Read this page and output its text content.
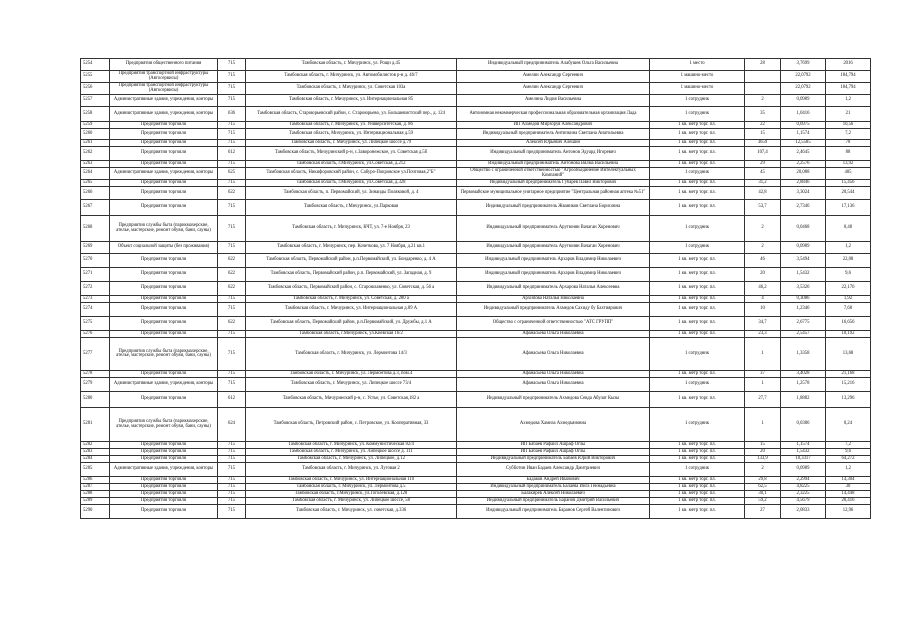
5254	Предприятия общественного питания	715	Тамбовская область, г. Мичуринск, ул. Рощи д.45	Индивидуальный предприниматель Алабушев Ольга Васильевна	1 место	28	3,7699	2016
5255	Предприятия транспортной инфраструктуры (Автосервисы)	715	Тамбовская область, г. Мичуринск, ул. Автомобилистов р-н д. 46/7	Амелин Александр Сергеевич	1 машино-место		22,0792	184,794
5256	Предприятия транспортной инфраструктуры (Автосервисы)	715	Тамбовская область, г. Мичуринск, ул. Советская 103а	Амелин Александр Сергеевич	1 машино-место		22,0792	184,794
5257	Административные здания, учреждения, конторы	715	Тамбовская область, г. Мичуринск, ул. Интернациональная 85	Амелина Лидия Васильевна	1 сотрудник	2	0,0989	1,2
5258	Административные здания, учреждения, конторы	636	Тамбовская область, Староюрьевский район, с. Староюрьево, ул. Большевистский пер., д. 124	Автономная некоммерческая профессиональная образовательная организация Лада	1 сотрудник	35	1,0416	21
5259	Предприятия торговли	715	Тамбовская область, г. Мичуринск, ул. Университетская, д. 86	ИП Ахмедов Мирзоруя Александрович	1 кв. метр торг. пл.	22	0,6975	10,56
5260	Предприятия торговли	715	Тамбовская область, Мичуринск, ул. Интернациональная д.59	Индивидуальный предприниматель Антипкина Светлана Анатольевна	1 кв. метр торг. пл.	15	1,1574	7,2
5261	Предприятия торговли	715	Тамбовская область, г. Мичуринск, ул. Липецкое шоссе д.79	Алексей Юрьевич Алешин	1 кв. метр торг. пл.	3659	12,5585	78
5262	Предприятия торговли	612	Тамбовская область, Мичуринский р-н, с.Заворонежское, ул. Советская д.5б	Индивидуальный предприниматель Антонов Эдуард Игоревич	1 кв. метр торг. пл.	107,4	2,4645	88
5263	Предприятия торговли	715	Тамбовская область, г.Мичуринск, ул.Советская, д.212	Индивидуальный предприниматель Антонова Вялма Васильевна	1 кв. метр торг. пл.	29	2,2576	13,92
5264	Административные здания, учреждения, конторы	625	Тамбовская область, Никифоровский район, с. Сабуро-Покровское ул.Почтовая,2"Б"	Общество с ограниченной ответственностью "Агрообъединение Интелектуальных Компаний"	1 сотрудник	45	20,088	405
5265	Предприятия торговли	715	Тамбовская область, г.Мичуринск, ул.Советская, д.328	Индивидуальный предприниматель Губарев Павел Викторович	1 кв. метр торг. пл.	31,2	2,8846	15,456
5266	Предприятия торговли	622	Тамбовская область, п. Первомайский, ул. Зинаиды Поляковой, д. 4	Первомайское муниципальное унитарное предприятие "Центральная районная аптека №51"	1 кв. метр торг. пл.	42,8	3,3024	20,544
5267	Предприятия торговли	715	Тамбовская область, г.Мичуринск, ул.Парковая	Индивидуальный предприниматель Жваников Светлана Борисовна	1 кв. метр торг. пл.	53,7	2,7346	17,136
5268	Предприятия службы быта (парикмахерские, ателье, мастерские, ремонт обуви, бани, сауны)	715	Тамбовская область, г. Мичуринск, КЧТ, ул. 7-е Ноября, 23	Индивидуальный предприниматель Арутюнян Вачаган Хоренович	1 сотрудник	2	0,0468	0,48
5269	Объект социальной защиты (без проживания)	715	Тамбовская область, г. Мичуринск, пер. Кочеткова, ул. 7 Ноября, д.21 кв.1	Индивидуальный предприниматель Арутюнян Вачаган Хоренович	1 сотрудник	2	0,0989	1,2
5270	Предприятия торговли	622	Тамбовская область, Первомайский район, р.п.Первомайский, ул. Бондаренко, д. 4 А	Индивидуальный предприниматель Архаров Владимир Николаевич	1 кв. метр торг. пл.	46	3,5494	22,08
5271	Предприятия торговли	622	Тамбовская область, Первомайский район, р.п. Первомайский, ул. Западная, д. 9	Индивидуальный предприниматель Архаров Владимир Николаевич	1 кв. метр торг. пл.	20	1,5432	9,6
5272	Предприятия торговли	622	Тамбовская область, Первомайский район, с. Староюлавенко, ул. Советская, д. 56 а	Индивидуальный предприниматель Архарова Наталья Алексеевна	1 кв. метр торг. пл.	46,2	3,5326	22,176
5273	Предприятия торговли	715	Тамбовская область, г. Мичуринск, ул. Советская, д. 280 а	Архипова Наталья Николаевна	1 кв. метр торг. пл.	4	0,3086	1,92
5274	Предприятия торговли	715	Тамбовская область, г. Мичуринск, ул. Интернациональная д.89 А	Индивидуальный предприниматель Ахмедов Сахиду бу Бахтиярович	1 кв. метр торг. пл.	10	1,2346	7,68
5275	Предприятия торговли	622	Тамбовская область, Первомайский район, р.п.Первомайский, ул. Дружбы, д.1 А	Общество с ограниченной ответственностью "АТС ГРУПП"	1 кв. метр торг. пл.	34,7	2,6775	16,656
5276	Предприятия торговли	715	Тамбовская область, г.Мичуринск, ул.Киевская 16/2	Афанасьева Ольга Николаевна	1 кв. метр торг. пл.	23,3	2,5457	10,192
5277	Предприятия службы быта (парикмахерские, ателье, мастерские, ремонт обуви, бани, сауны)	715	Тамбовская область, г. Мичуринск, ул. Лермонтова 14/3	Афанасьева Ольга Николаевна	1 сотрудник	1	1,3358	13,68
5278	Предприятия торговли	715	Тамбовская область, г. Мичуринск, ул. Лермонтова д.3, пом.4	Афанасьева Ольга Николаевна	1 кв. метр торг. пл.	37	3,4028	21,168
5279	Административные здания, учреждения, конторы	715	Тамбовская область, г. Мичуринск, ул. Липецкое шоссе 73/4	Афанасьева Ольга Николаевна	1 сотрудник	1	1,2578	15,216
5280	Предприятия торговли	612	Тамбовская область, Мичуринский р-н, с. Устье, ул. Советская,182 а	Индивидуальный предприниматель Ахмедова Севда Абулат Кызы	1 кв. метр торг. пл.	27,7	1,8882	13,296
5281	Предприятия службы быта (парикмахерские, ателье, мастерские, ремонт обуви, бани, сауны)	624	Тамбовская область, Петровский район, с. Петровское, ул. Кооперативная, 33	Ахмедова Хамиза Ахмедъяновна	1 сотрудник	1	0,0386	0,24
5282	Предприятия торговли	715	Тамбовская область, г. Мичуринск, ул. Коммунистическая 82/4	ИП Бабаев Рафаил Ашраф Оглы	1 кв. метр торг. пл.	15	1,1574	7,2
5283	Предприятия торговли	715	Тамбовская область, г. Мичуринск, ул. Липецкое шоссе д. 111	ИП Бабаев Рафаил Ашраф Оглы	1 кв. метр торг. пл.	20	1,5432	9,6
5284	Предприятия торговли	715	Тамбовская область, г. Мичуринск, ул. Липецкое, д.12	Индивидуальный предприниматель Бабаев Юрий Викторович	1 кв. метр торг. пл.	133,9	10,3317	64,272
5285	Административные здания, учреждения, конторы	715	Тамбовская область, г. Мичуринск, ул. Луговая 2	Субботин Иван Бадаев Александр Дмитриевич	1 сотрудник	2	0,0989	1,2
5286	Предприятия торговли	715	Тамбовская область, г. Мичуринск, ул. Интернациональная 110	Бадаков Андрей Иванович	1 кв. метр торг. пл.	29,8	2,2994	14,304
5287	Предприятия торговли	715	Тамбовская область, г. Мичуринск, ул. Лермонтова д.5	Индивидуальный предприниматель Балаева Инга Геннадьевна	1 кв. метр торг. пл.	62,5	4,8225	30
5288	Предприятия торговли	715	Тамбовская область, г.Мичуринск, ул.Гоголевская, д.128	Балакирев Алексей Николаевич	1 кв. метр торг. пл.	30,1	2,3225	14,448
5289	Предприятия торговли	715	Тамбовская область, г. Мичуринск, ул. Липецкое шоссе, 58	Индивидуальный предприниматель Баранов Дмитрий Васильевич	1 кв. метр торг. пл.	59,2	4,5679	28,416
5290	Предприятия торговли	715	Тамбовская область, г. Мичуринск, ул. советская, д.336	Индивидуальный предприниматель Баранов Сергей Валентинович	1 кв. метр торг. пл.	27	2,0833	12,96
